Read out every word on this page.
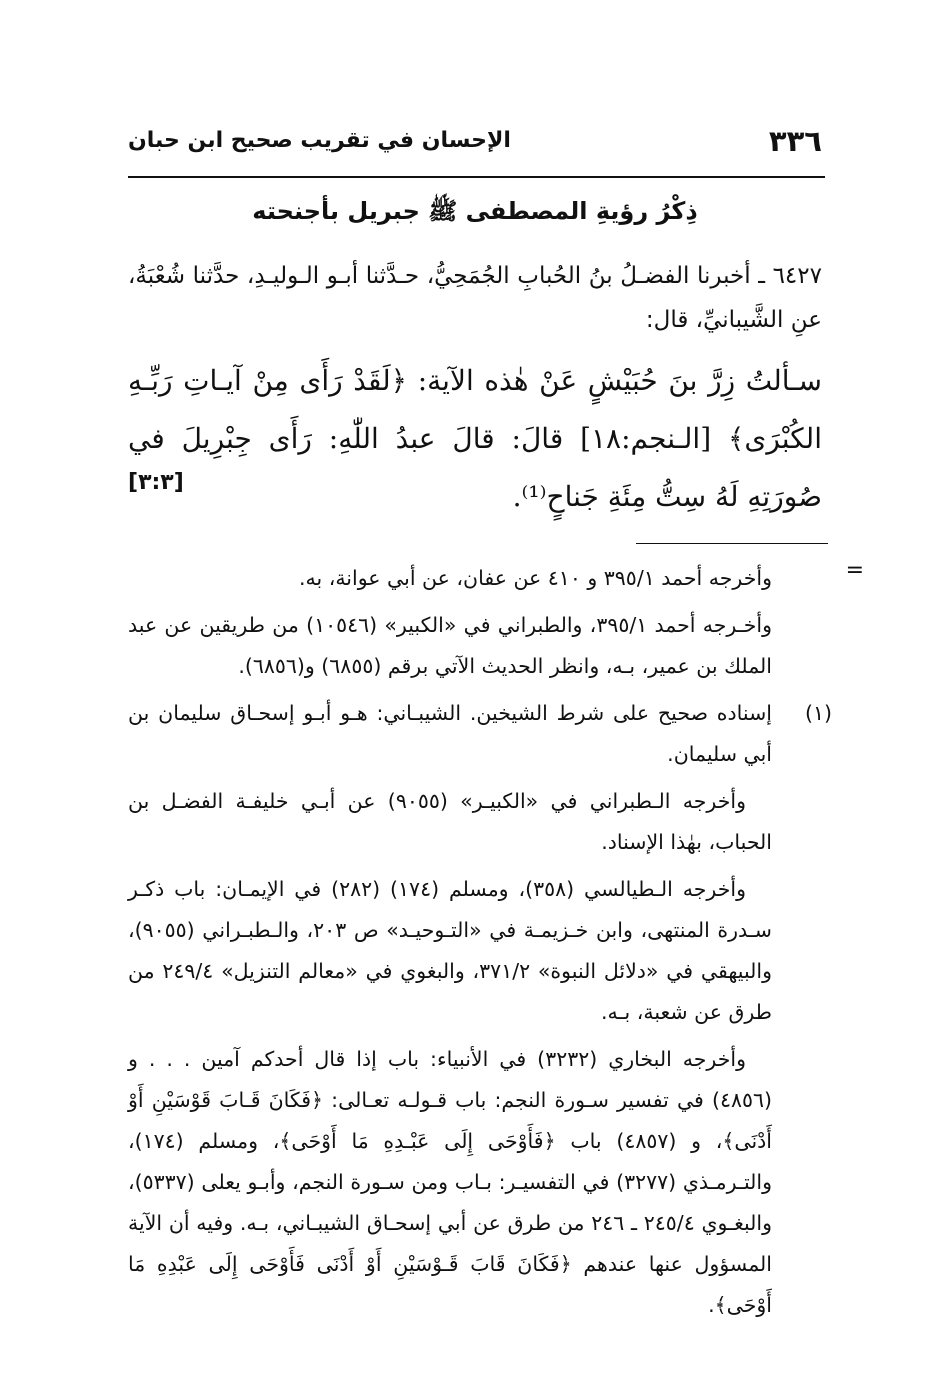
٣٣٦
الإحسان في تقريب صحيح ابن حبان
ذِكْرُ رؤيةِ المصطفى ﷺ جبريل بأجنحته
٦٤٢٧ ـ أخبرنا الفضـلُ بنُ الحُبابِ الجُمَحِيُّ، حـدَّثنا أبـو الـوليـدِ، حدَّثنا شُعْبَةُ، عنِ الشَّيبانيِّ، قال:
سـألتُ زِرَّ بنَ حُبَيْشٍ عَنْ هٰذه الآية: ﴿لَقَدْ رَأَى مِنْ آيـاتِ رَبِّـهِ الكُبْرَى﴾ [الـنجم:١٨] قالَ: قالَ عبدُ اللّٰهِ: رَأَى جِبْرِيلَ في صُورَتِهِ لَهُ سِتُّ مِئَةِ جَناحٍ⁽¹⁾.
[٣:٣]
=

وأخرجه أحمد ٣٩٥/١ و ٤١٠ عن عفان، عن أبي عوانة، به.

وأخـرجه أحمد ٣٩٥/١، والطبراني في «الكبير» (١٠٥٤٦) من طريقين عن عبد الملك بن عمير، بـه، وانظر الحديث الآتي برقم (٦٨٥٥) و(٦٨٥٦).

(١)

إسناده صحيح على شرط الشيخين. الشيبـاني: هـو أبـو إسحـاق سليمان بن أبي سليمان.

وأخرجه الـطبراني في «الكبيـر» (٩٠٥٥) عن أبـي خليفـة الفضـل بن الحباب، بهٰذا الإسناد.

وأخرجه الـطيالسي (٣٥٨)، ومسلم (١٧٤) (٢٨٢) في الإيمـان: باب ذكـر سـدرة المنتهى، وابن خـزيمـة في «التـوحيـد» ص ٢٠٣، والـطبـراني (٩٠٥٥)، والبيهقي في «دلائل النبوة» ٣٧١/٢، والبغوي في «معالم التنزيل» ٢٤٩/٤ من طرق عن شعبة، بـه.

وأخرجه البخاري (٣٢٣٢) في الأنبياء: باب إذا قال أحدكم آمين . . . و (٤٨٥٦) في تفسير سـورة النجم: باب قـولـه تعـالى: ﴿فَكَانَ قَـابَ قَوْسَيْنِ أَوْ أَدْنَى﴾، و (٤٨٥٧) باب ﴿فَأَوْحَى إِلَى عَبْـدِهِ مَا أَوْحَى﴾، ومسلم (١٧٤)، والتـرمـذي (٣٢٧٧) في التفسيـر: بـاب ومن سـورة النجم، وأبـو يعلى (٥٣٣٧)، والبغـوي ٢٤٥/٤ ـ ٢٤٦ من طرق عن أبي إسحـاق الشيبـاني، بـه. وفيه أن الآية المسؤول عنها عندهم ﴿فَكَانَ قَابَ قَـوْسَيْنِ أَوْ أَدْنَى فَأَوْحَى إِلَى عَبْدِهِ مَا أَوْحَى﴾.
